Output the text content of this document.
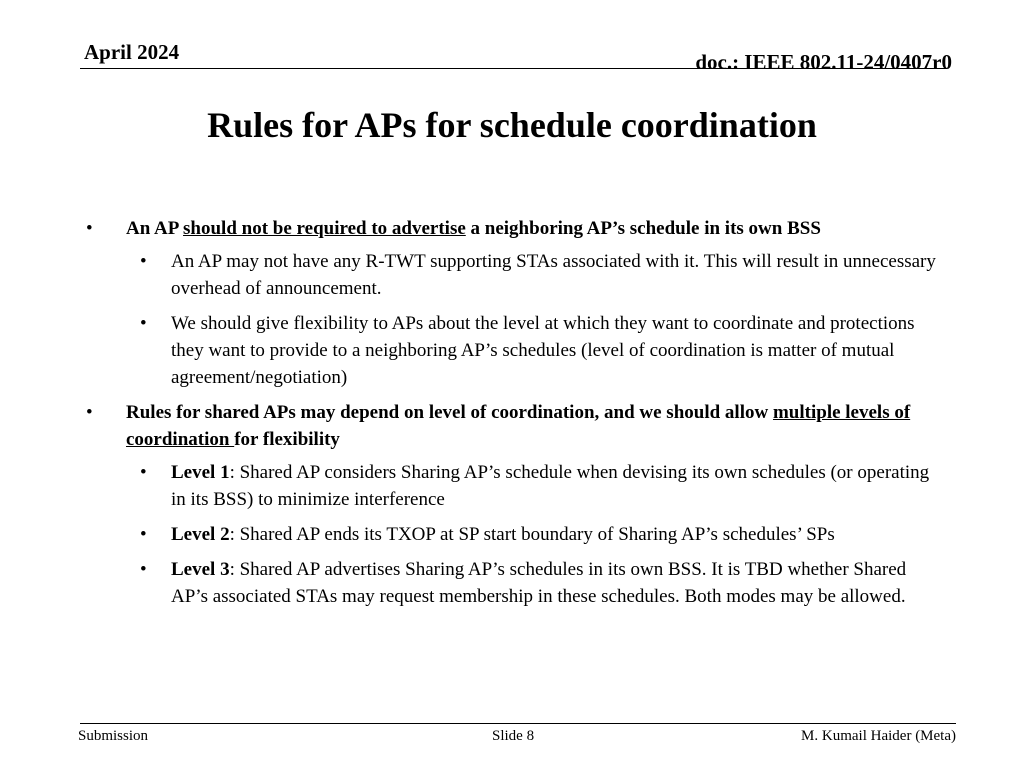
April 2024	doc.: IEEE 802.11-24/0407r0
Rules for APs for schedule coordination
• An AP should not be required to advertise a neighboring AP’s schedule in its own BSS
• An AP may not have any R-TWT supporting STAs associated with it. This will result in unnecessary overhead of announcement.
• We should give flexibility to APs about the level at which they want to coordinate and protections they want to provide to a neighboring AP’s schedules (level of coordination is matter of mutual agreement/negotiation)
• Rules for shared APs may depend on level of coordination, and we should allow multiple levels of coordination for flexibility
• Level 1: Shared AP considers Sharing AP’s schedule when devising its own schedules (or operating in its BSS) to minimize interference
• Level 2: Shared AP ends its TXOP at SP start boundary of Sharing AP’s schedules’ SPs
• Level 3: Shared AP advertises Sharing AP’s schedules in its own BSS. It is TBD whether Shared AP’s associated STAs may request membership in these schedules. Both modes may be allowed.
Submission	Slide 8	M. Kumail Haider (Meta)
